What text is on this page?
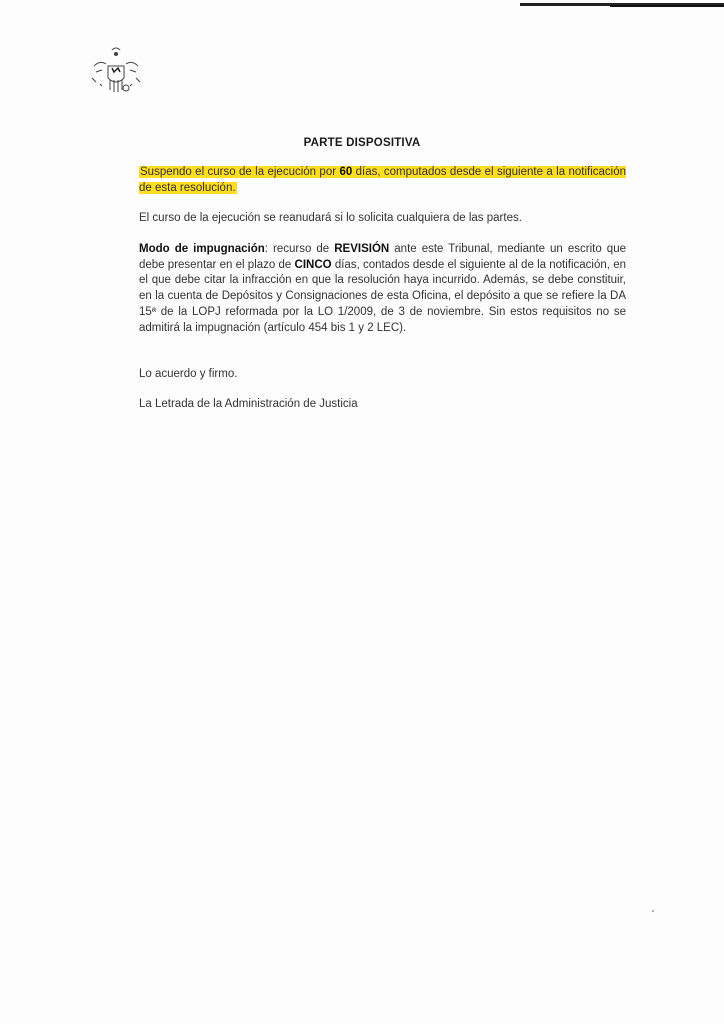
PARTE DISPOSITIVA
Suspendo el curso de la ejecución por 60 días, computados desde el siguiente a la notificación de esta resolución.
El curso de la ejecución se reanudará si lo solicita cualquiera de las partes.
Modo de impugnación: recurso de REVISIÓN ante este Tribunal, mediante un escrito que debe presentar en el plazo de CINCO días, contados desde el siguiente al de la notificación, en el que debe citar la infracción en que la resolución haya incurrido. Además, se debe constituir, en la cuenta de Depósitos y Consignaciones de esta Oficina, el depósito a que se refiere la DA 15ª de la LOPJ reformada por la LO 1/2009, de 3 de noviembre. Sin estos requisitos no se admitirá la impugnación (artículo 454 bis 1 y 2 LEC).
Lo acuerdo y firmo.
La Letrada de la Administración de Justicia
